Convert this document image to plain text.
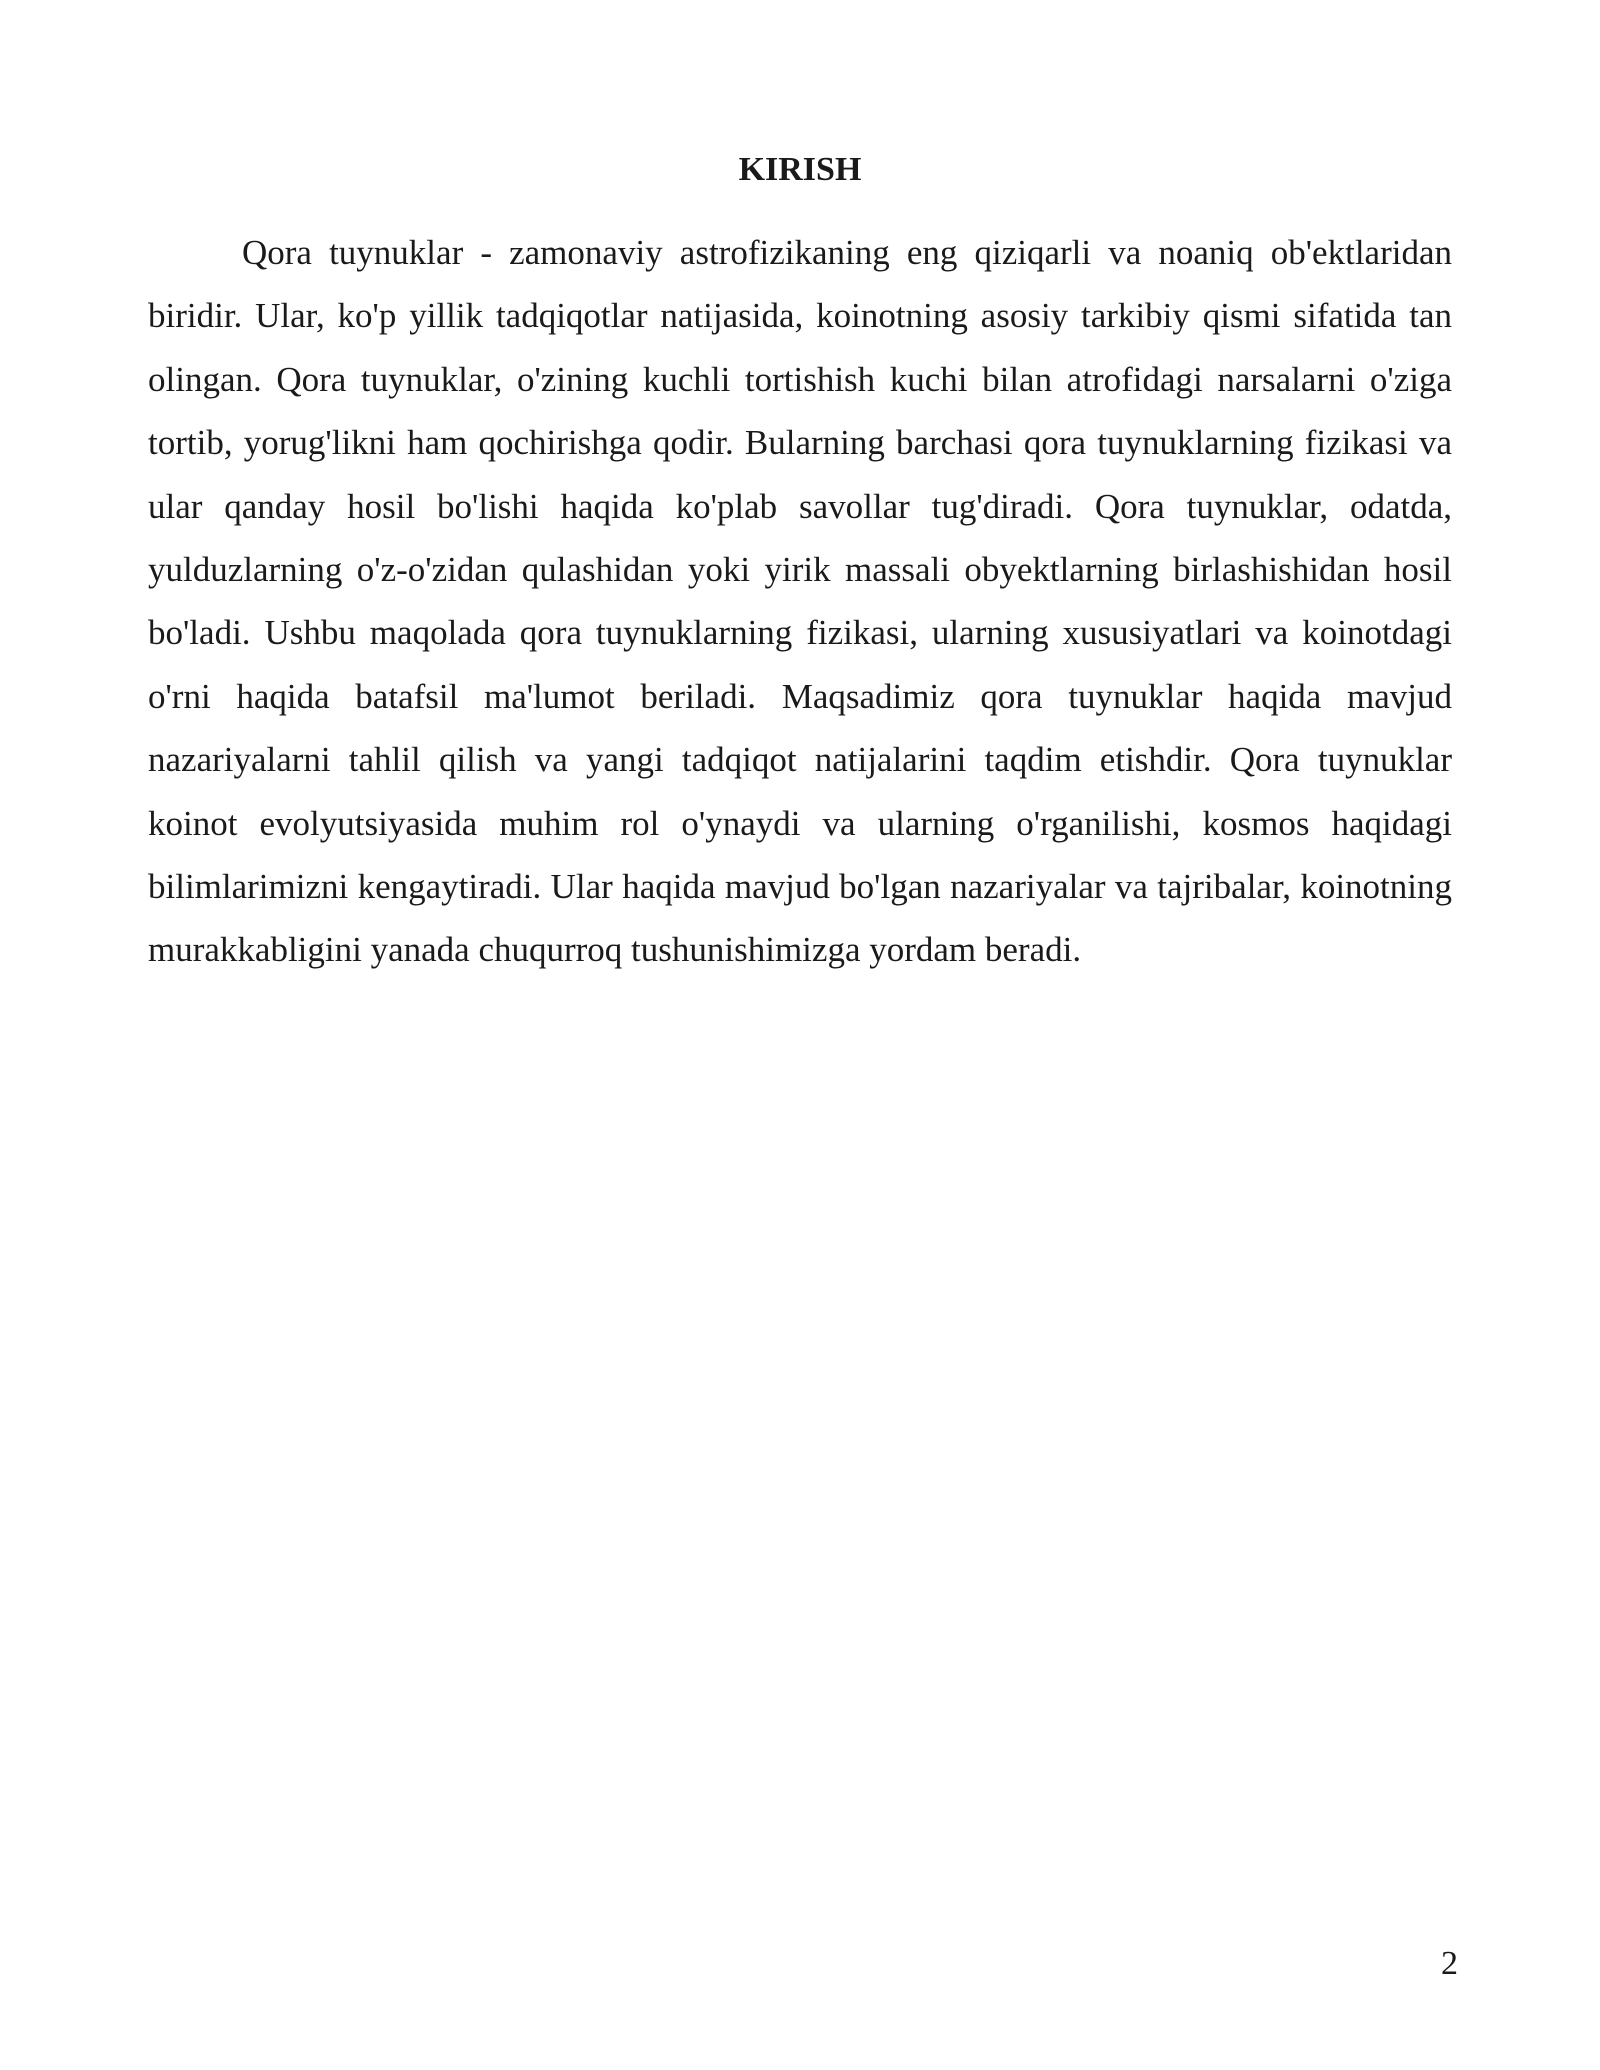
KIRISH

Qora tuynuklar - zamonaviy astrofizikaning eng qiziqarli va noaniq ob'ektlaridan biridir. Ular, ko'p yillik tadqiqotlar natijasida, koinotning asosiy tarkibiy qismi sifatida tan olingan. Qora tuynuklar, o'zining kuchli tortishish kuchi bilan atrofidagi narsalarni o'ziga tortib, yorug'likni ham qochirishga qodir. Bularning barchasi qora tuynuklarning fizikasi va ular qanday hosil bo'lishi haqida ko'plab savollar tug'diradi. Qora tuynuklar, odatda, yulduzlarning o'z-o'zidan qulashidan yoki yirik massali obyektlarning birlashishidan hosil bo'ladi. Ushbu maqolada qora tuynuklarning fizikasi, ularning xususiyatlari va koinotdagi o'rni haqida batafsil ma'lumot beriladi. Maqsadimiz qora tuynuklar haqida mavjud nazariyalarni tahlil qilish va yangi tadqiqot natijalarini taqdim etishdir. Qora tuynuklar koinot evolyutsiyasida muhim rol o'ynaydi va ularning o'rganilishi, kosmos haqidagi bilimlarimizni kengaytiradi. Ular haqida mavjud bo'lgan nazariyalar va tajribalar, koinotning murakkabligini yanada chuqurroq tushunishimizga yordam beradi.

2
